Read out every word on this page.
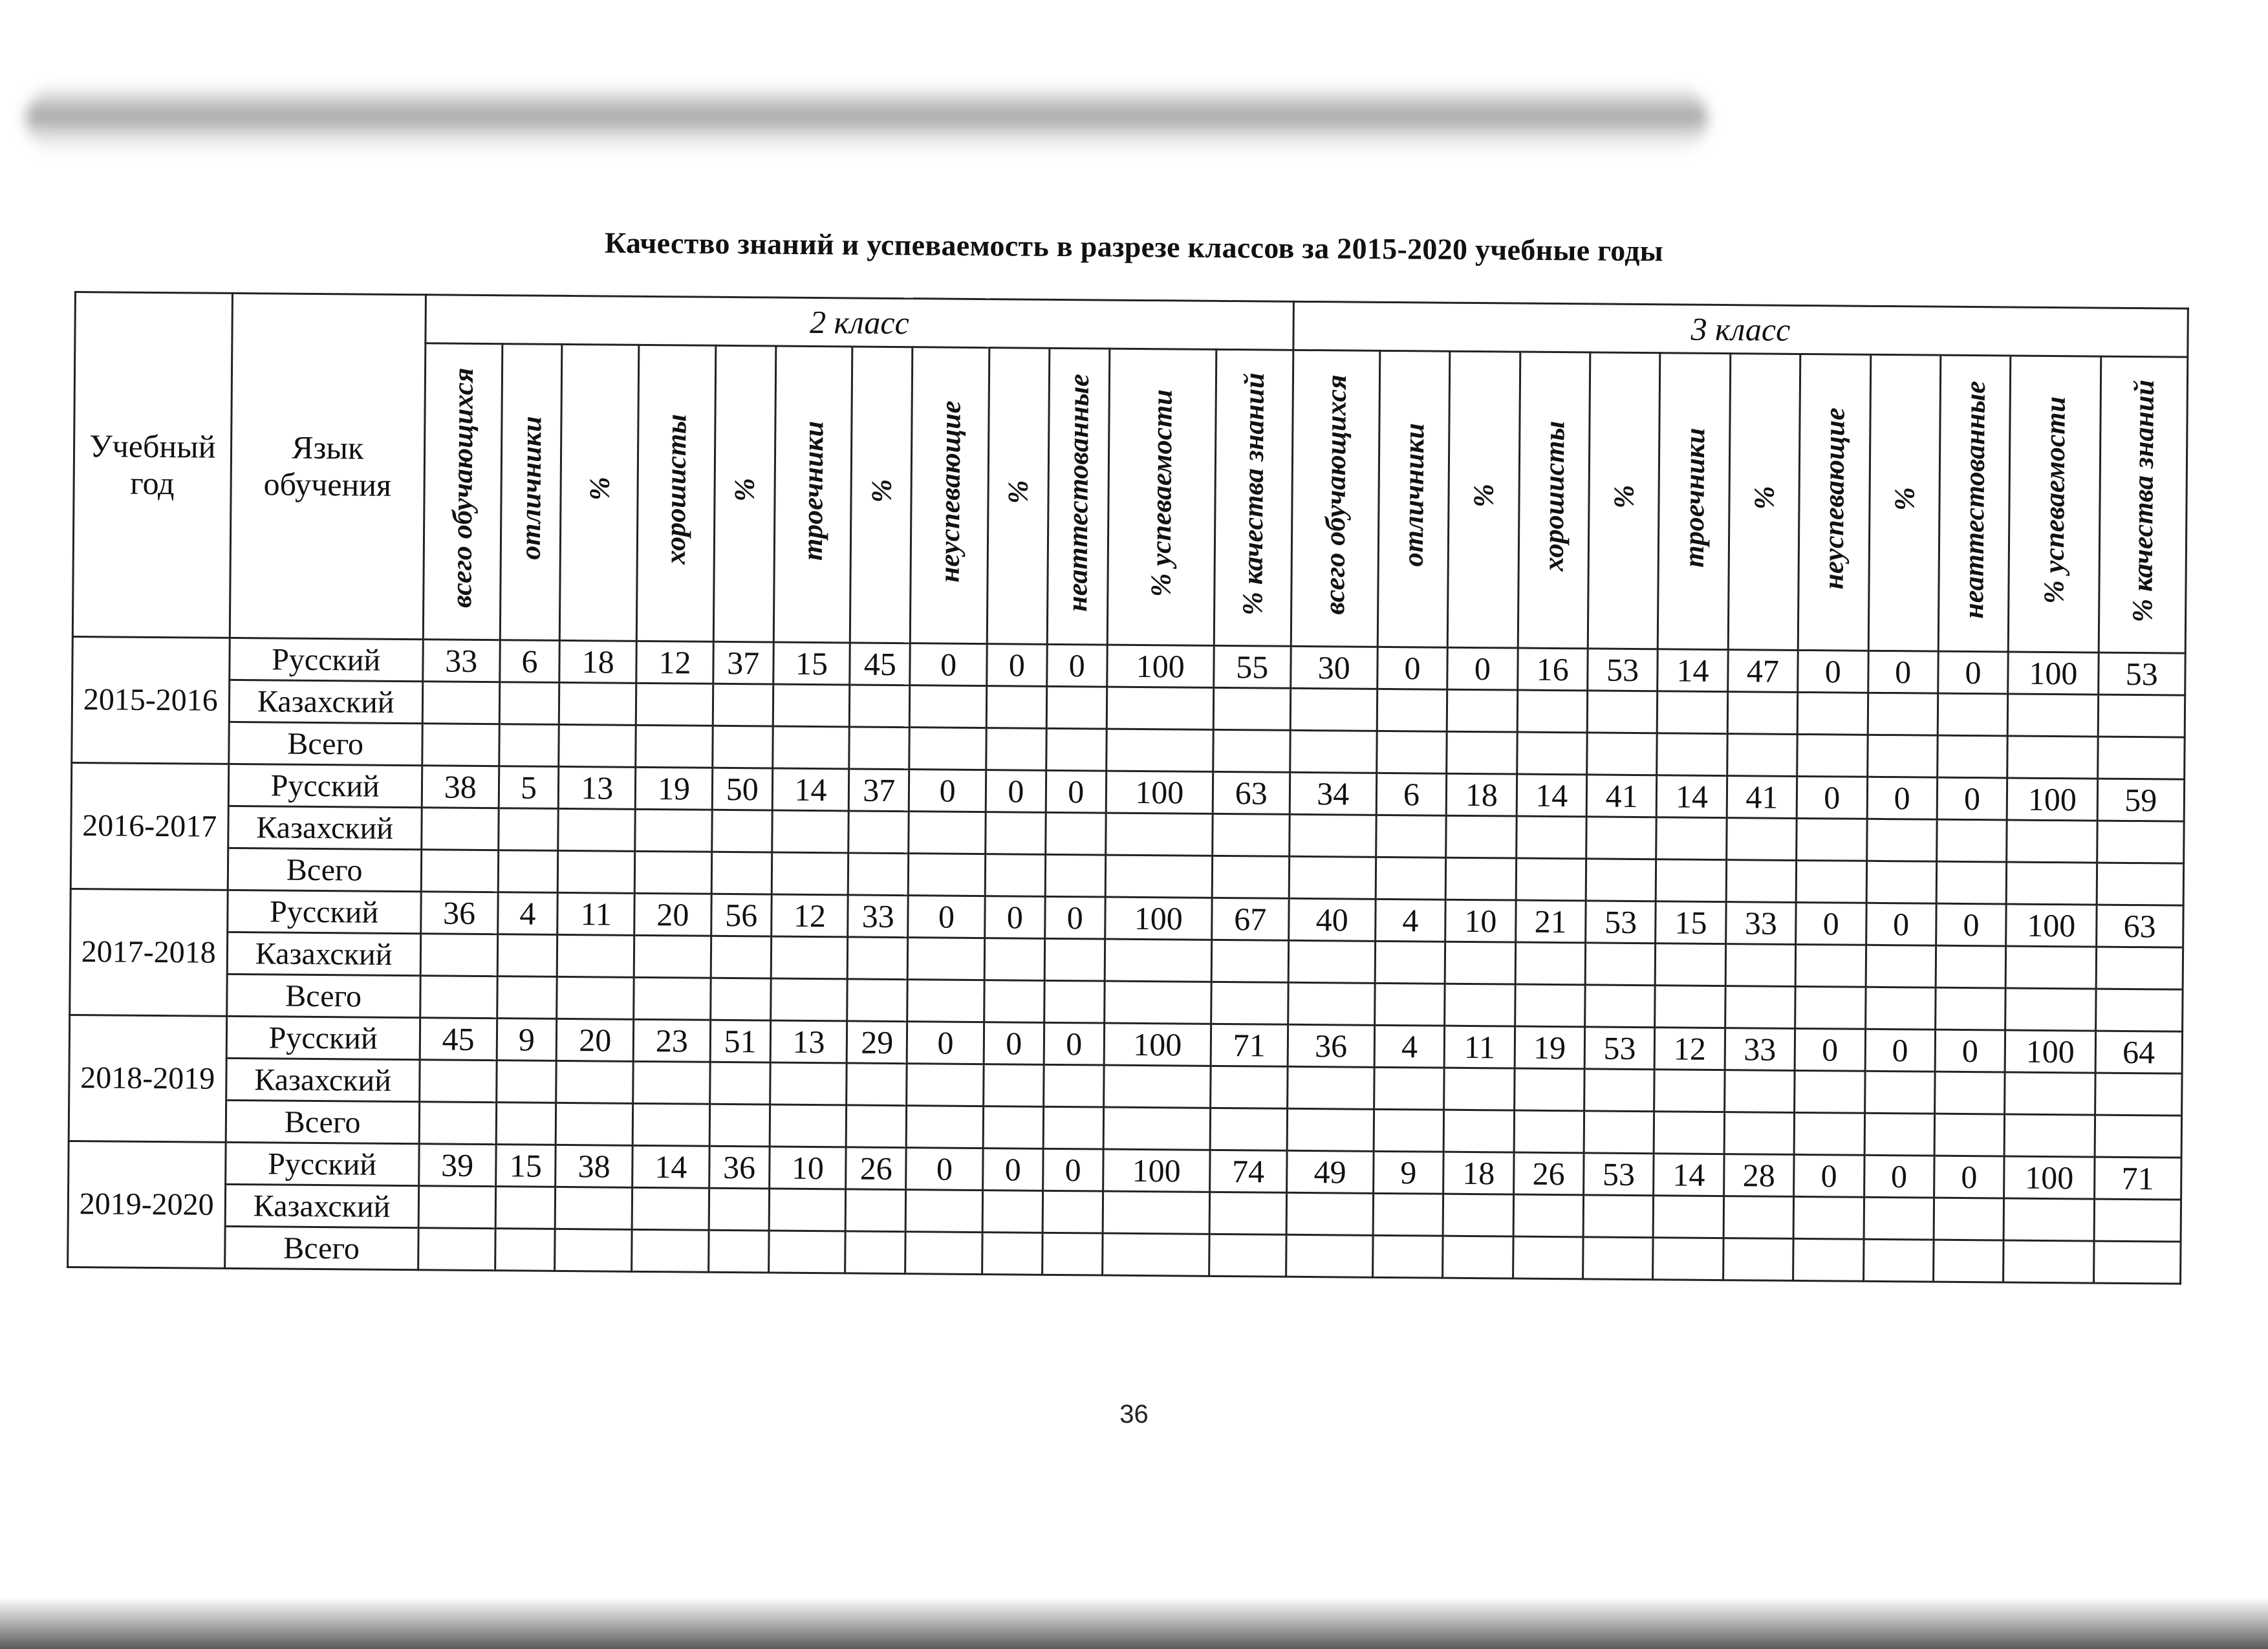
Качество знаний и успеваемость в разрезе классов за 2015-2020 учебные годы
Учебный год	Язык обучения	2 класс												3 класс											
		всего обучающихся	отличники	%	хорошисты	%	троечники	%	неуспевающие	%	неаттестованные	% успеваемости	% качества знаний	всего обучающихся	отличники	%	хорошисты	%	троечники	%	неуспевающие	%	неаттестованные	% успеваемости	% качества знаний
2015-2016	Русский	33	6	18	12	37	15	45	0	0	0	100	55	30	0	0	16	53	14	47	0	0	0	100	53
	Казахский																								
	Всего																								
2016-2017	Русский	38	5	13	19	50	14	37	0	0	0	100	63	34	6	18	14	41	14	41	0	0	0	100	59
	Казахский																								
	Всего																								
2017-2018	Русский	36	4	11	20	56	12	33	0	0	0	100	67	40	4	10	21	53	15	33	0	0	0	100	63
	Казахский																								
	Всего																								
2018-2019	Русский	45	9	20	23	51	13	29	0	0	0	100	71	36	4	11	19	53	12	33	0	0	0	100	64
	Казахский																								
	Всего																								
2019-2020	Русский	39	15	38	14	36	10	26	0	0	0	100	74	49	9	18	26	53	14	28	0	0	0	100	71
	Казахский																								
	Всего																								
36
